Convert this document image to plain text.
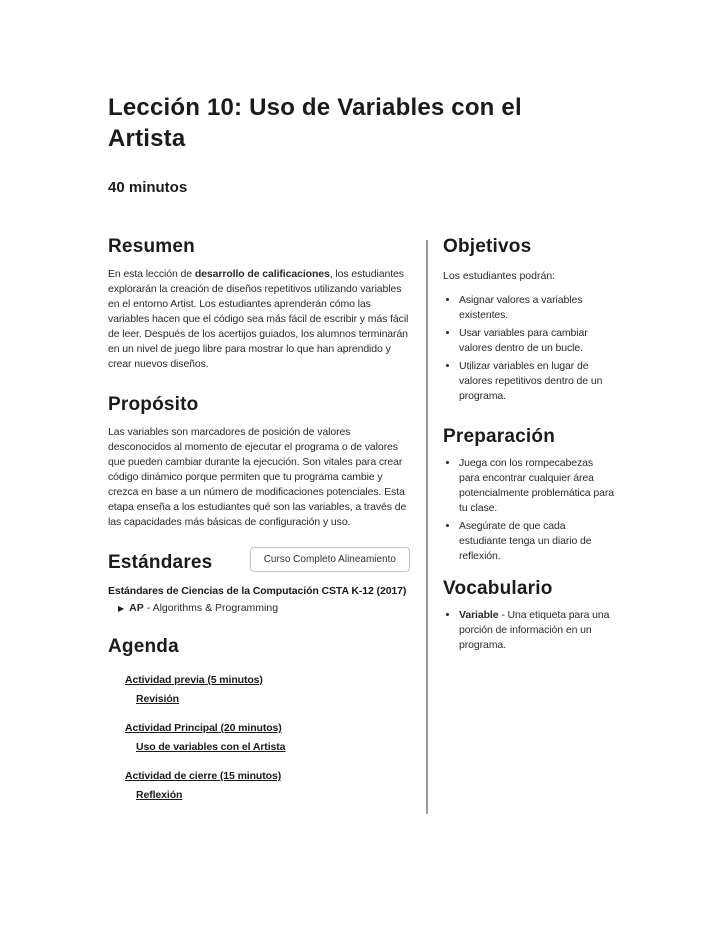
Lección 10: Uso de Variables con el
Artista
40 minutos
Resumen

En esta lección de desarrollo de calificaciones, los estudiantes explorarán la creación de diseños repetitivos utilizando variables en el entorno Artist. Los estudiantes aprenderán cómo las variables hacen que el código sea más fácil de escribir y más fácil de leer. Después de los acertijos guiados, los alumnos terminarán en un nivel de juego libre para mostrar lo que han aprendido y crear nuevos diseños.

Propósito

Las variables son marcadores de posición de valores desconocidos al momento de ejecutar el programa o de valores que pueden cambiar durante la ejecución. Son vitales para crear código dinámico porque permiten que tu programa cambie y crezca en base a un número de modificaciones potenciales. Esta etapa enseña a los estudiantes qué son las variables, a través de las capacidades más básicas de configuración y uso.

Estándares	Curso Completo Alineamiento
Estándares de Ciencias de la Computación CSTA K-12 (2017)
▶ AP - Algorithms & Programming
Agenda
Actividad previa (5 minutos)
Revisión
Actividad Principal (20 minutos)
Uso de variables con el Artista
Actividad de cierre (15 minutos)
Reflexión
Objetivos
Los estudiantes podrán:
• Asignar valores a variables existentes.
• Usar variables para cambiar valores dentro de un bucle.
• Utilizar variables en lugar de valores repetitivos dentro de un programa.
Preparación
• Juega con los rompecabezas para encontrar cualquier área potencialmente problemática para tu clase.
• Asegúrate de que cada estudiante tenga un diario de reflexión.
Vocabulario
• Variable - Una etiqueta para una porción de información en un programa.
